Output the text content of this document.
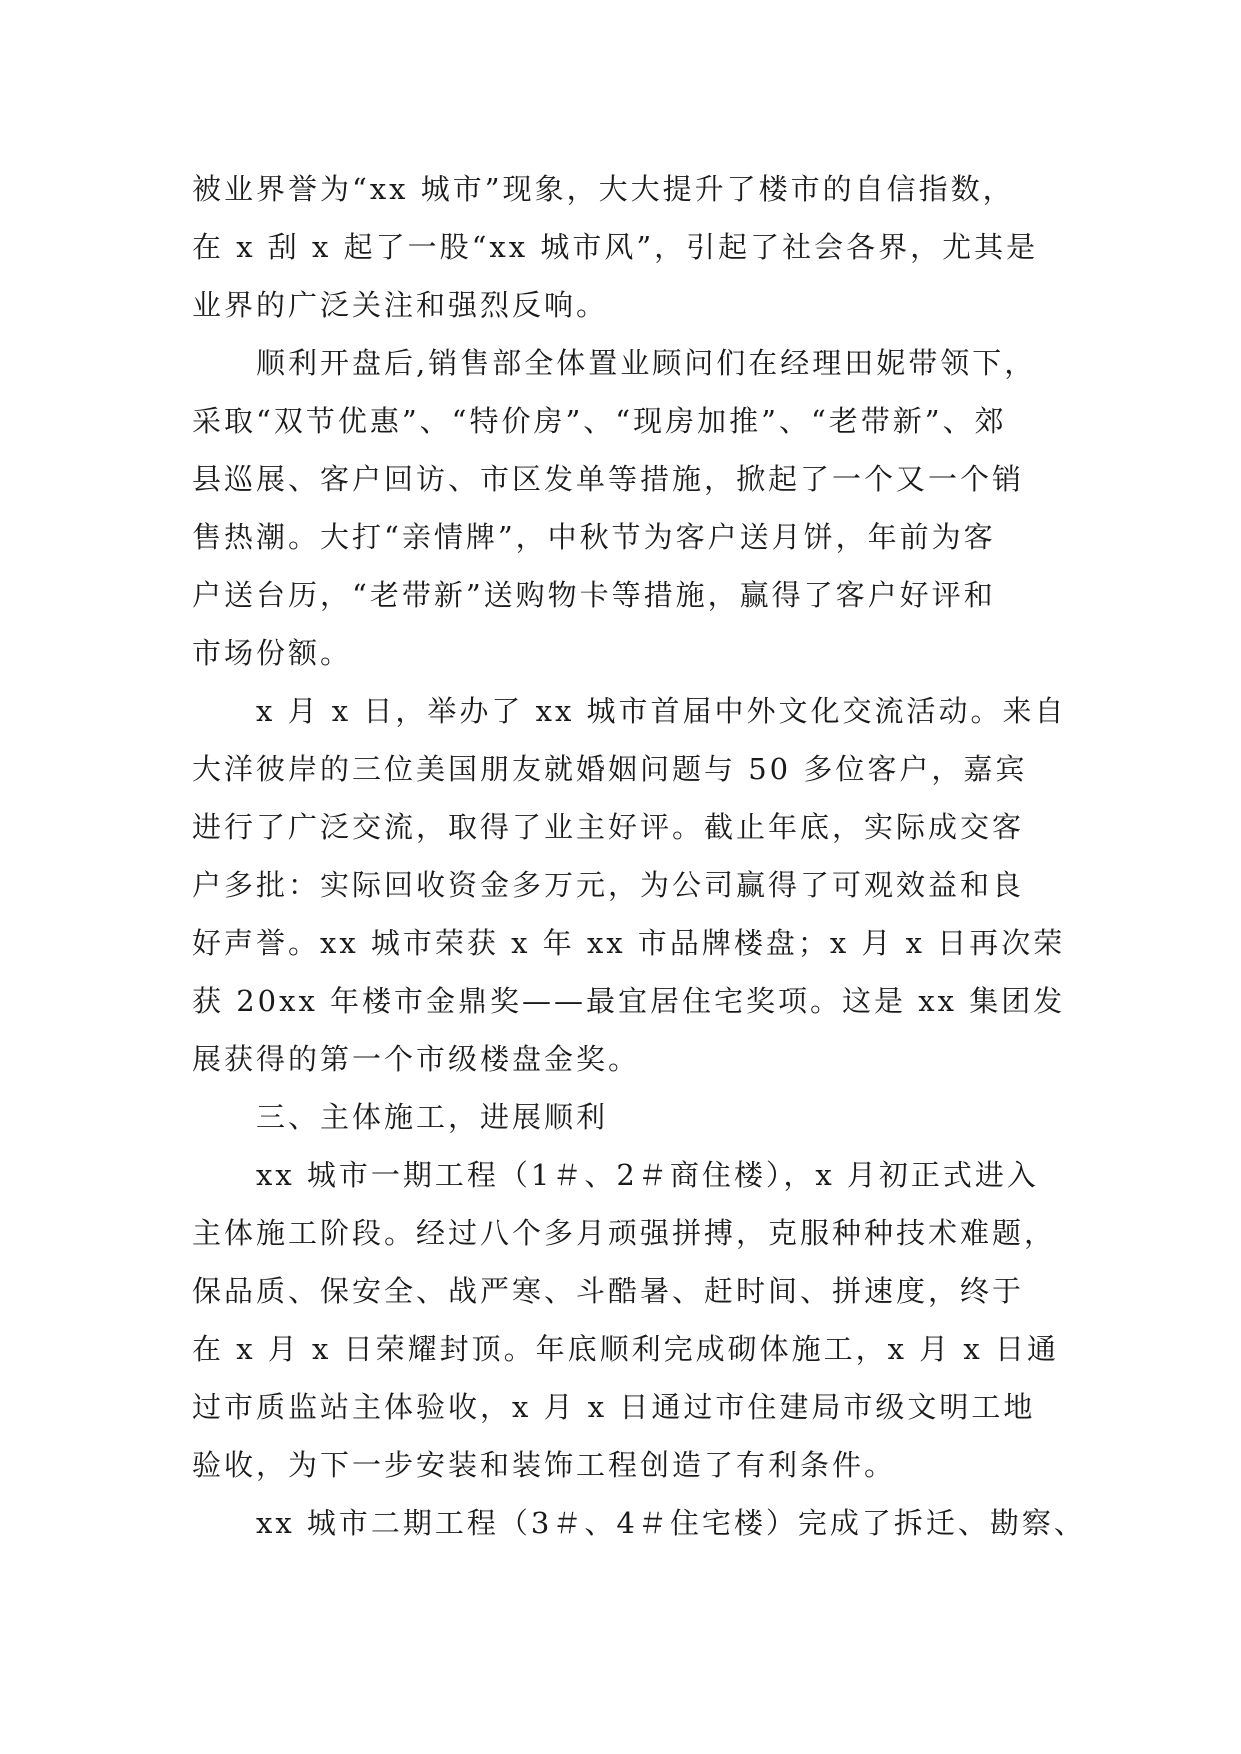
被业界誉为“xx 城市”现象，大大提升了楼市的自信指数，
在 x 刮 x 起了一股“xx 城市风”，引起了社会各界，尤其是
业界的广泛关注和强烈反响。
顺利开盘后,销售部全体置业顾问们在经理田妮带领下，
采取“双节优惠”、“特价房”、“现房加推”、“老带新”、郊
县巡展、客户回访、市区发单等措施，掀起了一个又一个销
售热潮。大打“亲情牌”，中秋节为客户送月饼，年前为客
户送台历，“老带新”送购物卡等措施，赢得了客户好评和
市场份额。
x 月 x 日，举办了 xx 城市首届中外文化交流活动。来自
大洋彼岸的三位美国朋友就婚姻问题与 50 多位客户，嘉宾
进行了广泛交流，取得了业主好评。截止年底，实际成交客
户多批：实际回收资金多万元，为公司赢得了可观效益和良
好声誉。xx 城市荣获 x 年 xx 市品牌楼盘；x 月 x 日再次荣
获 20xx 年楼市金鼎奖——最宜居住宅奖项。这是 xx 集团发
展获得的第一个市级楼盘金奖。
三、主体施工，进展顺利
xx 城市一期工程（1＃、2＃商住楼），x 月初正式进入
主体施工阶段。经过八个多月顽强拼搏，克服种种技术难题，
保品质、保安全、战严寒、斗酷暑、赶时间、拼速度，终于
在 x 月 x 日荣耀封顶。年底顺利完成砌体施工，x 月 x 日通
过市质监站主体验收，x 月 x 日通过市住建局市级文明工地
验收，为下一步安装和装饰工程创造了有利条件。
xx 城市二期工程（3＃、4＃住宅楼）完成了拆迁、勘察、
